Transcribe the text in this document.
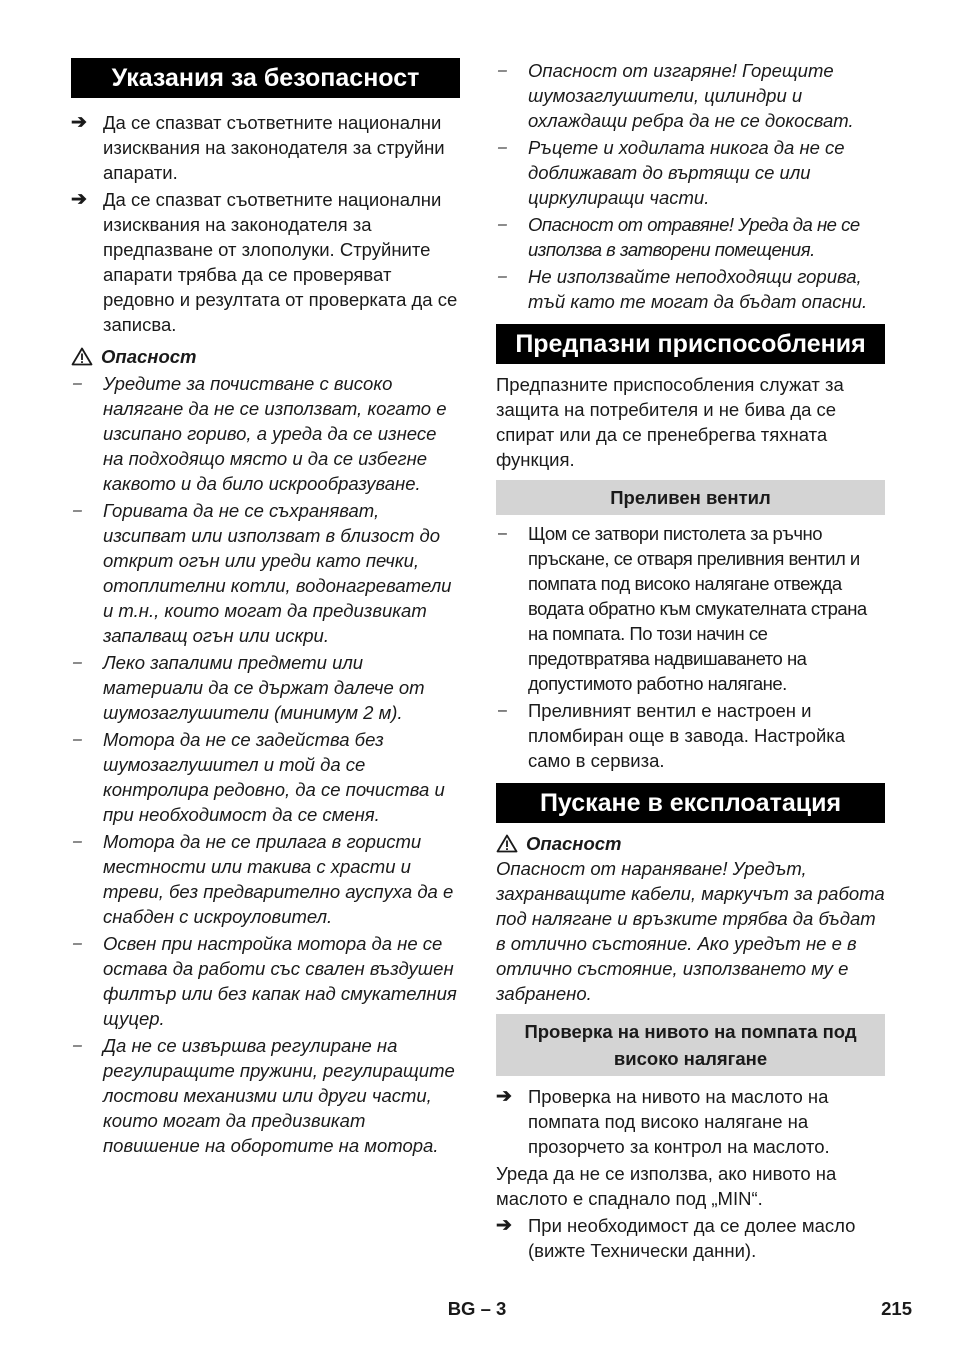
Указания за безопасност
➔ Да се спазват съответните национални изисквания на законодателя за струйни апарати.
➔ Да се спазват съответните национални изисквания на законодателя за предпазване от злополуки. Струйните апарати трябва да се проверяват редовно и резултата от проверката да се записва.
Опасност
–	Уредите за почистване с високо налягане да не се използват, когато е изсипано гориво, а уреда да се изнесе на подходящо място и да се избегне каквото и да било искрообразуване.
–	Горивата да не се съхраняват, изсипват или използват в близост до открит огън или уреди като печки, отоплителни котли, водонагреватели и т.н., които могат да предизвикат запалващ огън или искри.
–	Леко запалими предмети или материали да се държат далече от шумозаглушители (минимум 2 м).
–	Мотора да не се задейства без шумозаглушител и той да се контролира редовно, да се почиства и при необходимост да се сменя.
–	Мотора да не се прилага в гористи местности или такива с храсти и треви, без предварително ауспуха да е снабден с искроуловител.
–	Освен при настройка мотора да не се остава да работи със свален въздушен филтър или без капак над смукателния щуцер.
–	Да не се извършва регулиране на регулиращите пружини, регулиращите лостови механизми или други части, които могат да предизвикат повишение на оборотите на мотора.
–	Опасност от изгаряне! Горещите шумозаглушители, цилиндри и охлаждащи ребра да не се докосват.
–	Ръцете и ходилата никога да не се доближават до въртящи се или циркулиращи части.
–	Опасност от отравяне! Уреда да не се използва в затворени помещения.
–	Не използвайте неподходящи горива, тъй като те могат да бъдат опасни.
Предпазни приспособления

Предпазните приспособления служат за защита на потребителя и не бива да се спират или да се пренебрегва тяхната функция.

Преливен вентил
–	Щом се затвори пистолета за ръчно пръскане, се отваря преливния вентил и помпата под високо налягане отвежда водата обратно към смукателната страна на помпата. По този начин се предотвратява надвишаването на допустимото работно налягане.
–	Преливният вентил е настроен и пломбиран още в завода. Настройка само в сервиза.
Пускане в експлоатация
Опасност

Опасност от нараняване! Уредът, захранващите кабели, маркучът за работа под налягане и връзките трябва да бъдат в отлично състояние. Ако уредът не е в отлично състояние, използването му е забранено.

Проверка на нивото на помпата под високо налягане
➔ Проверка на нивото на маслото на помпата под високо налягане на прозорчето за контрол на маслото.

Уреда да не се използва, ако нивото на маслото е спаднало под „MIN“.

➔ При необходимост да се долее масло (вижте Технически данни).
BG – 3	215
